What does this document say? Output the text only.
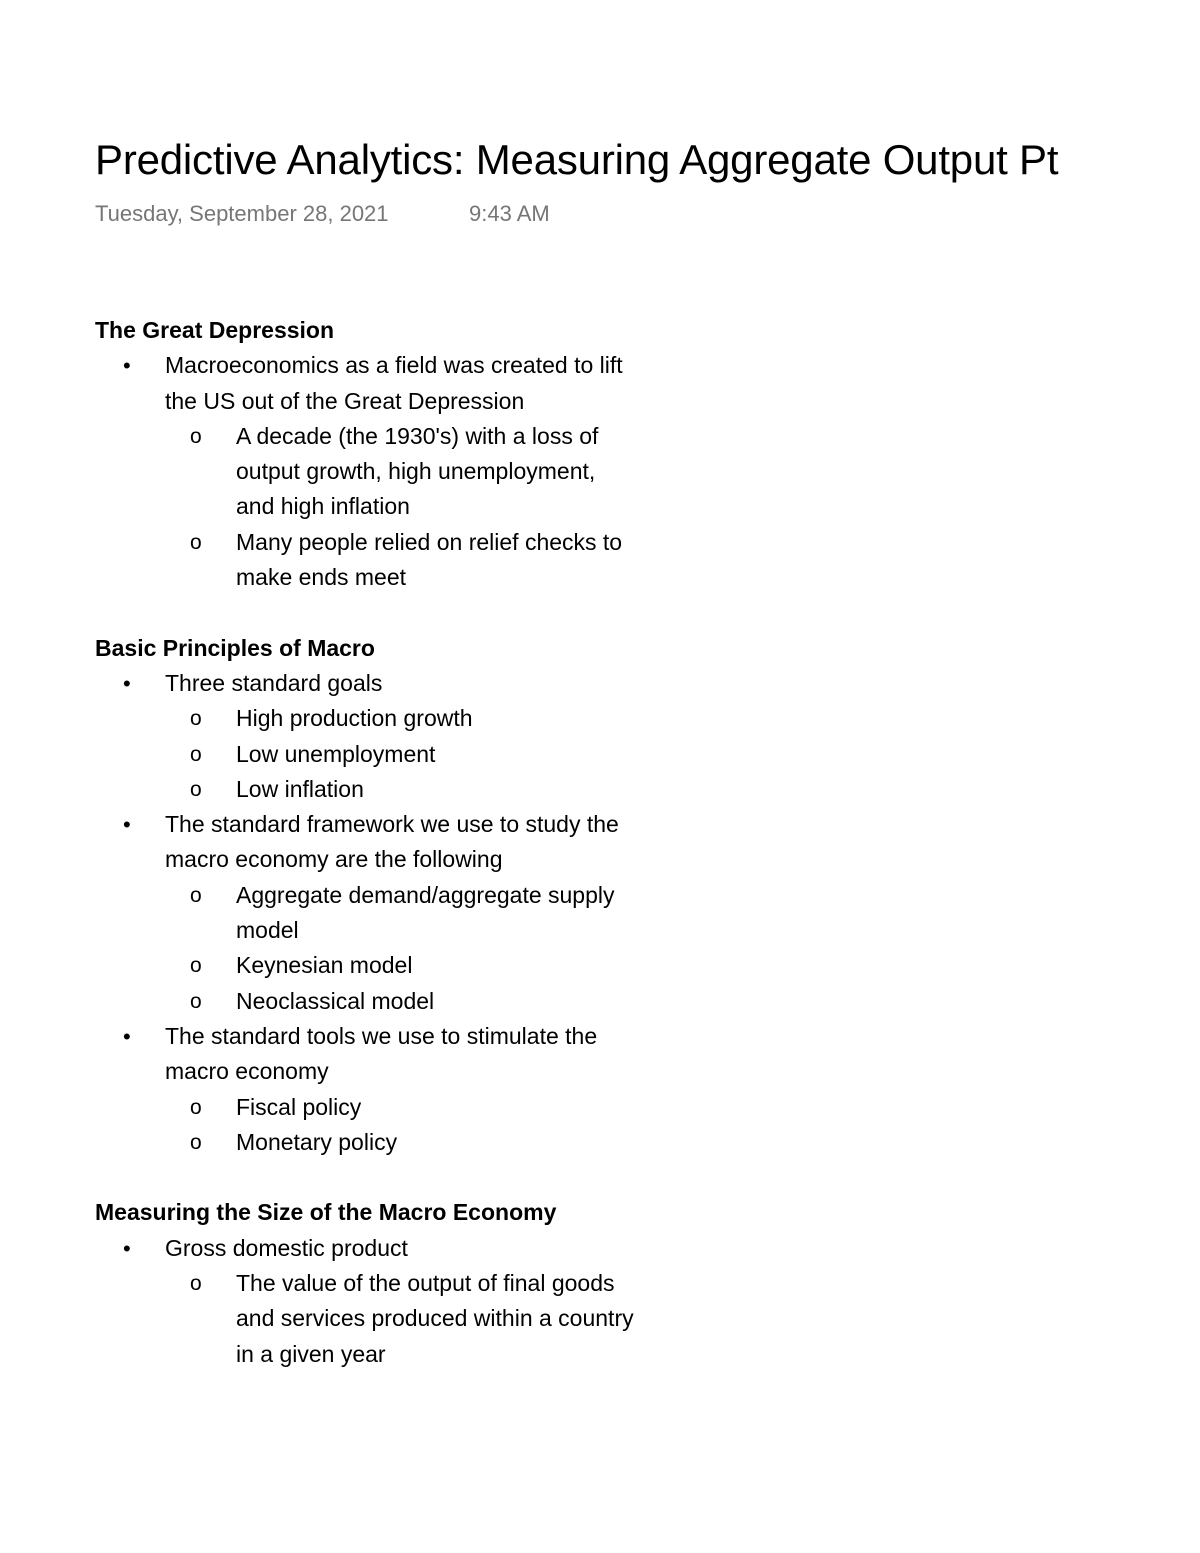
Predictive Analytics: Measuring Aggregate Output Pt
Tuesday, September 28, 2021	9:43 AM

The Great Depression

• Macroeconomics as a field was created to lift the US out of the Great Depression
o A decade (the 1930's) with a loss of output growth, high unemployment, and high inflation
o Many people relied on relief checks to make ends meet

Basic Principles of Macro

• Three standard goals
o High production growth
o Low unemployment
o Low inflation
• The standard framework we use to study the macro economy are the following
o Aggregate demand/aggregate supply model
o Keynesian model
o Neoclassical model
• The standard tools we use to stimulate the macro economy
o Fiscal policy
o Monetary policy

Measuring the Size of the Macro Economy

• Gross domestic product
o The value of the output of final goods and services produced within a country in a given year
